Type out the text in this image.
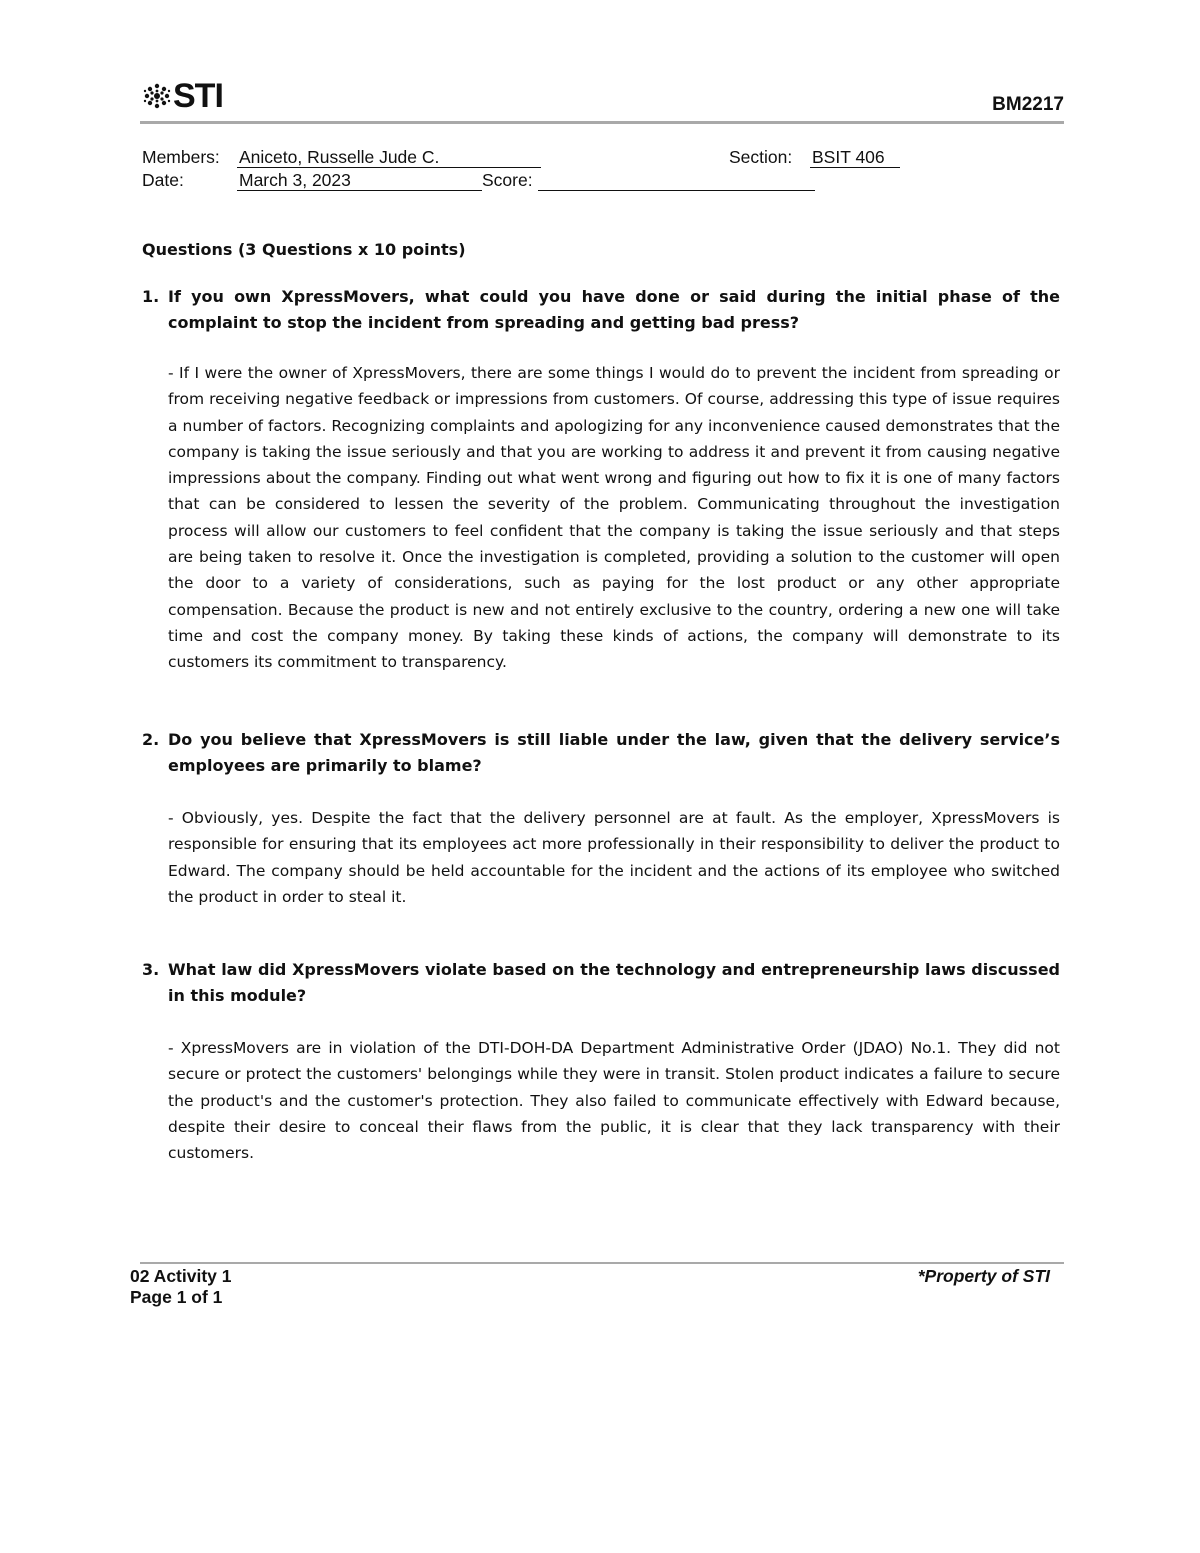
STI	BM2217
Members: Aniceto, Russelle Jude C.	Section: BSIT 406
Date:	March 3, 2023	Score:
Questions (3 Questions x 10 points)
1. If you own XpressMovers, what could you have done or said during the initial phase of the complaint to stop the incident from spreading and getting bad press?
- If I were the owner of XpressMovers, there are some things I would do to prevent the incident from spreading or from receiving negative feedback or impressions from customers. Of course, addressing this type of issue requires a number of factors. Recognizing complaints and apologizing for any inconvenience caused demonstrates that the company is taking the issue seriously and that you are working to address it and prevent it from causing negative impressions about the company. Finding out what went wrong and figuring out how to fix it is one of many factors that can be considered to lessen the severity of the problem. Communicating throughout the investigation process will allow our customers to feel confident that the company is taking the issue seriously and that steps are being taken to resolve it. Once the investigation is completed, providing a solution to the customer will open the door to a variety of considerations, such as paying for the lost product or any other appropriate compensation. Because the product is new and not entirely exclusive to the country, ordering a new one will take time and cost the company money. By taking these kinds of actions, the company will demonstrate to its customers its commitment to transparency.
2. Do you believe that XpressMovers is still liable under the law, given that the delivery service’s employees are primarily to blame?
- Obviously, yes. Despite the fact that the delivery personnel are at fault. As the employer, XpressMovers is responsible for ensuring that its employees act more professionally in their responsibility to deliver the product to Edward. The company should be held accountable for the incident and the actions of its employee who switched the product in order to steal it.
3. What law did XpressMovers violate based on the technology and entrepreneurship laws discussed in this module?
- XpressMovers are in violation of the DTI-DOH-DA Department Administrative Order (JDAO) No.1. They did not secure or protect the customers' belongings while they were in transit. Stolen product indicates a failure to secure the product's and the customer's protection. They also failed to communicate effectively with Edward because, despite their desire to conceal their flaws from the public, it is clear that they lack transparency with their customers.
02 Activity 1
Page 1 of 1
*Property of STI
